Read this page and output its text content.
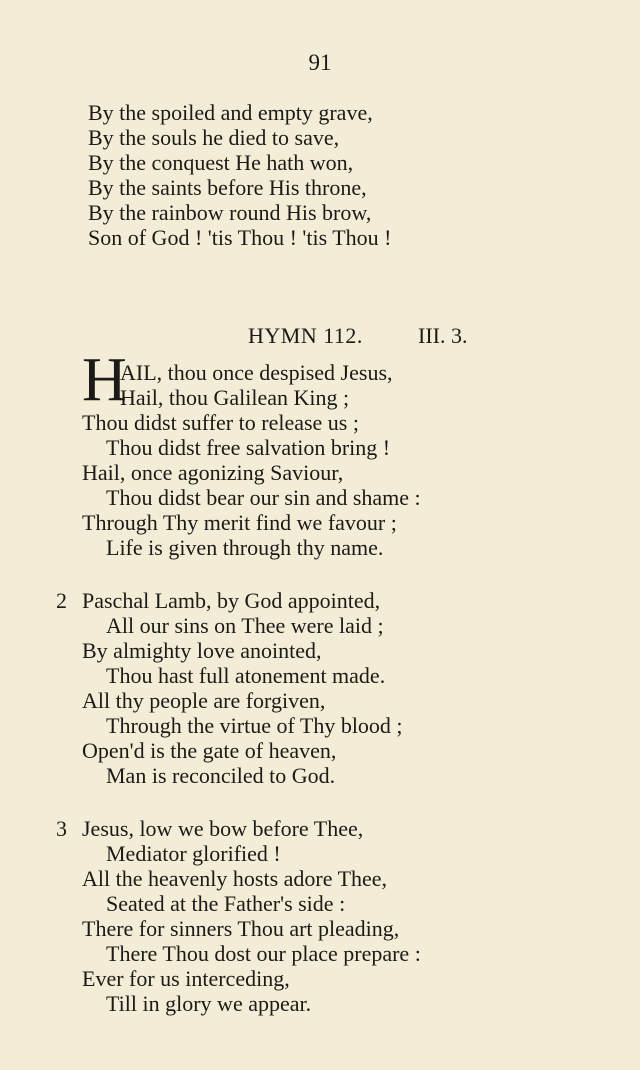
91
By the spoiled and empty grave,
By the souls he died to save,
By the conquest He hath won,
By the saints before His throne,
By the rainbow round His brow,
Son of God ! 'tis Thou ! 'tis Thou !
HYMN 112.	III. 3.
H
AIL, thou once despised Jesus,
Hail, thou Galilean King ;
Thou didst suffer to release us ;
Thou didst free salvation bring !
Hail, once agonizing Saviour,
Thou didst bear our sin and shame :
Through Thy merit find we favour ;
Life is given through thy name.
2 Paschal Lamb, by God appointed,
All our sins on Thee were laid ;
By almighty love anointed,
Thou hast full atonement made.
All thy people are forgiven,
Through the virtue of Thy blood ;
Open'd is the gate of heaven,
Man is reconciled to God.
3 Jesus, low we bow before Thee,
Mediator glorified !
All the heavenly hosts adore Thee,
Seated at the Father's side :
There for sinners Thou art pleading,
There Thou dost our place prepare :
Ever for us interceding,
Till in glory we appear.
